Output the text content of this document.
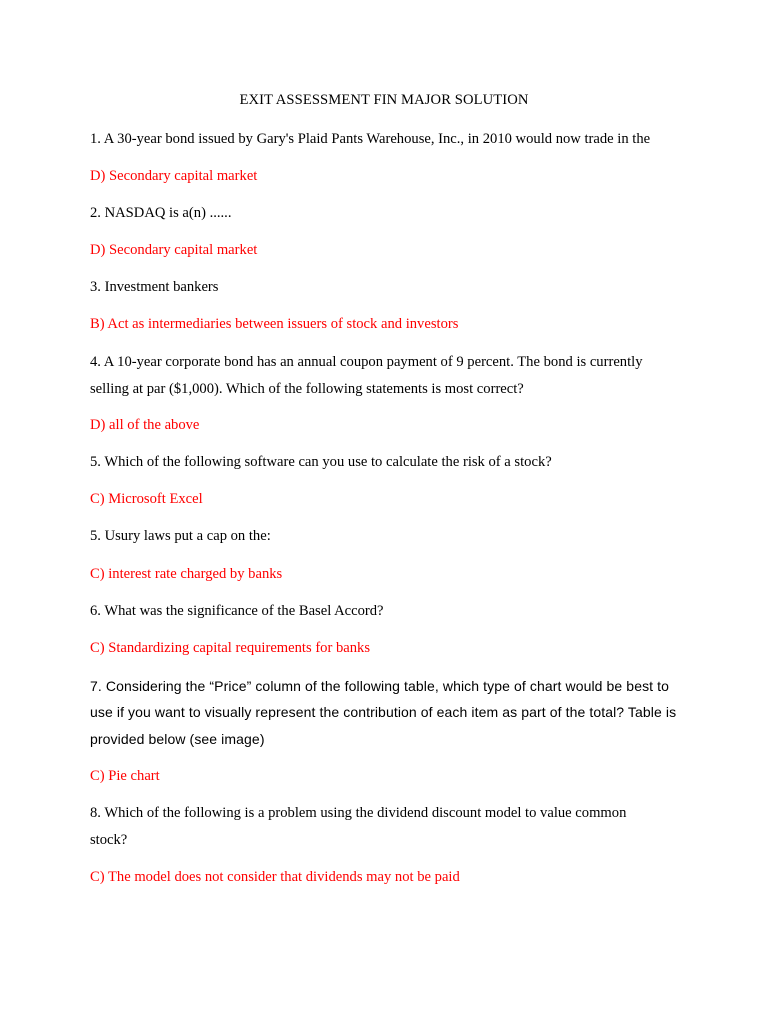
EXIT ASSESSMENT FIN MAJOR SOLUTION
1. A 30-year bond issued by Gary's Plaid Pants Warehouse, Inc., in 2010 would now trade in the
D) Secondary capital market
2. NASDAQ is a(n) ......
D) Secondary capital market
3. Investment bankers
B) Act as intermediaries between issuers of stock and investors
4. A 10-year corporate bond has an annual coupon payment of 9 percent. The bond is currently
selling at par ($1,000). Which of the following statements is most correct?
D) all of the above
5. Which of the following software can you use to calculate the risk of a stock?
C) Microsoft Excel
5. Usury laws put a cap on the:
C) interest rate charged by banks
6. What was the significance of the Basel Accord?
C) Standardizing capital requirements for banks
7. Considering the “Price” column of the following table, which type of chart would be best to
use if you want to visually represent the contribution of each item as part of the total? Table is
provided below (see image)
C) Pie chart
8. Which of the following is a problem using the dividend discount model to value common
stock?
C) The model does not consider that dividends may not be paid
